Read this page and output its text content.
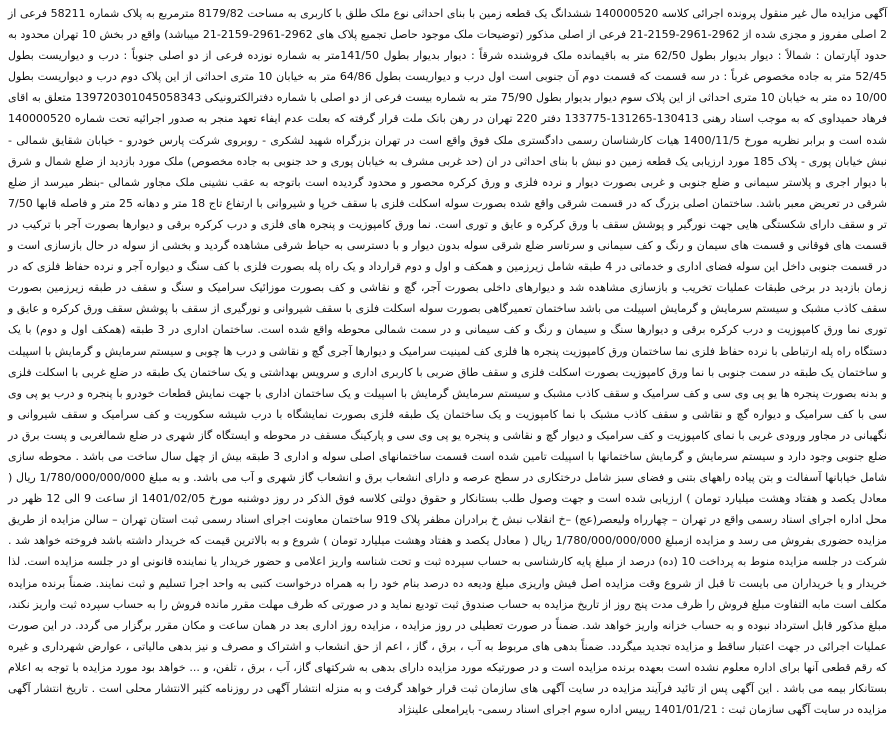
آگهی مزایده مال غیر منقول پرونده اجرائی کلاسه 140000520 ششدانگ یک قطعه زمین با بنای احداثی نوع ملک طلق با کاربری به مساحت 8179/82 مترمربع به پلاک شماره 58211 فرعی از 2 اصلی مفروز و مجزی شده از 2962-2961-2159-21 فرعی از اصلی مذکور (توضیحات ملک موجود حاصل تجمیع پلاک های 2962-2961-2159-21 میباشد) واقع در بخش 10 تهران محدود به حدود آپارتمان : شمالاً : دیوار بدیوار بطول 62/50 متر به باقیمانده ملک فروشنده شرقاً : دیوار بدیوار بطول 141/50متر به شماره نوزده فرعی از دو اصلی جنوباً : درب و دیواریست بطول 52/45 متر به جاده مخصوص غرباً : در سه قسمت که قسمت دوم آن جنوبی است اول درب و دیواریست بطول 64/86 متر به خیابان 10 متری احداثی از این پلاک دوم درب و دیواریست بطول 10/00 ده متر به خیابان 10 متری احداثی از این پلاک سوم دیوار بدیوار بطول 75/90 متر به شماره بیست فرعی از دو اصلی با شماره دفترالکترونیکی 139720301045058343 متعلق به اقای فرهاد حمیداوی که به موجب اسناد رهنی 130413-131265-133775 دفتر 220 تهران در رهن بانک ملت قرار گرفته که بعلت عدم ایفاء تعهد منجر به صدور اجرائیه تحت شماره 140000520 شده است و برابر نظریه مورخ 1400/11/5 هیات کارشناسان رسمی دادگستری ملک فوق واقع است در تهران بزرگراه شهید لشکری - روبروی شرکت پارس خودرو - خیابان شقایق شمالی - نبش خیابان پوری - پلاک 185 مورد ارزیابی یک قطعه زمین دو نبش با بنای احداثی در ان (حد غربی مشرف به خیابان پوری و حد جنوبی به جاده مخصوص) ملک مورد بازدید از ضلع شمال و شرق با دیوار اجری و پلاستر سیمانی و ضلع جنوبی و غربی بصورت دیوار و نرده فلزی و ورق کرکره محصور و محدود گردیده است باتوجه به عقب نشینی ملک مجاور شمالی -بنظر میرسد از ضلع شرقی در تعریض معبر باشد. ساختمان اصلی بزرگ که در قسمت شرقی واقع شده بصورت سوله اسکلت فلزی با سقف خرپا و شیروانی با ارتفاع تاج 18 متر و دهانه 25 متر و فاصله قابها 7/50 تر و سقف دارای شکستگی هایی جهت نورگیر و پوشش سقف با ورق کرکره و عایق و توری است. نما ورق کامپوزیت و پنجره های فلزی و درب کرکره برقی و دیوارها بصورت آجر با ترکیب در قسمت های فوقانی و قسمت های سیمان و رنگ و کف سیمانی و سرتاسر ضلع شرقی سوله بدون دیوار و با دسترسی به حیاط شرقی مشاهده گردید و بخشی از سوله در حال بازسازی است و در قسمت جنوبی داخل این سوله فضای اداری و خدماتی در 4 طبقه شامل زیرزمین و همکف و اول و دوم قرارداد و یک راه پله بصورت فلزی با کف سنگ و دیواره آجر و نرده حفاظ فلزی که در زمان بازدید در برخی طبقات عملیات تخریب و بازسازی مشاهده شد و دیوارهای داخلی بصورت آجر، گچ و نقاشی و کف بصورت موزائیک سرامیک و سنگ و سقف در طبقه زیرزمین بصورت سقف کاذب مشبک و سیستم سرمایش و گرمایش اسپیلت می باشد ساختمان تعمیرگاهی بصورت سوله اسکلت فلزی با سقف شیروانی و نورگیری از سقف با پوشش سقف ورق کرکره و عایق و توری نما ورق کامپوزیت و درب کرکره برقی و دیوارها سنگ و سیمان و رنگ و کف سیمانی و در سمت شمالی محوطه واقع شده است. ساختمان اداری در 3 طبقه (همکف اول و دوم) با یک دستگاه راه پله ارتباطی با نرده حفاظ فلزی نما ساختمان ورق کامپوزیت پنجره ها فلزی کف لمینیت سرامیک و دیوارها آجری گچ و نقاشی و درب ها چوبی و سیستم سرمایش و گرمایش با اسپیلت و ساختمان یک طبقه در سمت جنوبی با نما ورق کامپوزیت بصورت اسکلت فلزی و سقف طاق ضربی با کاربری اداری و سرویس بهداشتی و یک ساختمان یک طبقه در ضلع غربی با اسکلت فلزی و بدنه بصورت پنجره ها یو پی وی سی و کف سرامیک و سقف کاذب مشبک و سیستم سرمایش گرمایش با اسپیلت و یک ساختمان اداری با جهت نمایش قطعات خودرو با پنجره و درب یو پی وی سی با کف سرامیک و دیواره گچ و نقاشی و سقف کاذب مشبک با نما کامپوزیت و یک ساختمان یک طبقه فلزی بصورت نمایشگاه با درب شیشه سکوریت و کف سرامیک و سقف شیروانی و نگهبانی در مجاور ورودی غربی با نمای کامپوزیت و کف سرامیک و دیوار گچ و نقاشی و پنجره یو پی وی سی و پارکینگ مسقف در محوطه و ایستگاه گاز شهری در ضلع شمالغربی و پست برق در ضلع جنوبی وجود دارد و سیستم سرمایش و گرمایش ساختمانها با اسپیلت تامین شده است قسمت ساختمانهای اصلی سوله و اداری 3 طبقه بیش از چهل سال ساخت می باشد . محوطه سازی شامل خیابانها آسفالت و بتن پیاده راههای بتنی و فضای سبز شامل درختکاری در سطح عرصه و دارای انشعاب برق و انشعاب گاز شهری و آب می باشد. و به مبلغ 1/780/000/000/000 ریال ( معادل یکصد و هفتاد وهشت میلیارد تومان ) ارزیابی شده است و جهت وصول طلب بستانکار و حقوق دولتی کلاسه فوق الذکر در روز دوشنبه مورخ 1401/02/05 از ساعت 9 الی 12 ظهر در محل اداره اجرای اسناد رسمی واقع در تهران – چهارراه ولیعصر(عج) –خ انقلاب نبش خ برادران مظفر پلاک 919 ساختمان معاونت اجرای اسناد رسمی ثبت استان تهران – سالن مزایده از طریق مزایده حضوری بفروش می رسد و مزایده ازمبلغ 1/780/000/000/000 ریال ( معادل یکصد و هفتاد وهشت میلیارد تومان ) شروع و به بالاترین قیمت که خریدار داشته باشد فروخته خواهد شد . شرکت در جلسه مزایده منوط به پرداخت 10 (ده) درصد از مبلغ پایه کارشناسی به حساب سپرده ثبت و تحت شناسه واریز اعلامی و حضور خریدار یا نماینده قانونی او در جلسه مزایده است. لذا خریدار و یا خریداران می بایست تا قبل از شروع وقت مزایده اصل فیش واریزی مبلغ ودیعه ده درصد بنام خود را به همراه درخواست کتبی به واحد اجرا تسلیم و ثبت نمایند. ضمناً برنده مزایده مکلف است مابه التفاوت مبلغ فروش را ظرف مدت پنج روز از تاریخ مزایده به حساب صندوق ثبت تودیع نماید و در صورتی که ظرف مهلت مقرر مانده فروش را به حساب سپرده ثبت واریز نکند، مبلغ مذکور قابل استرداد نبوده و به حساب خزانه واریز خواهد شد. ضمناً در صورت تعطیلی در روز مزایده ، مزایده روز اداری بعد در همان ساعت و مکان مقرر برگزار می گردد. در این صورت عملیات اجرائی در جهت اعتبار ساقط و مزایده تجدید میگردد. ضمناً بدهی های مربوط به آب ، برق ، گاز ، اعم از حق انشعاب و اشتراک و مصرف و نیز بدهی مالیاتی ، عوارض شهرداری و غیره که رقم قطعی آنها برای اداره معلوم نشده است بعهده برنده مزایده است و در صورتیکه مورد مزایده دارای بدهی به شرکتهای گاز، آب ، برق ، تلفن، و ... خواهد بود مورد مزایده با توجه به اعلام بستانکار بیمه می باشد . این آگهی پس از تائید فرآیند مزایده در سایت آگهی های سازمان ثبت قرار خواهد گرفت و به منزله انتشار آگهی در روزنامه کثیر الانتشار محلی است . تاریخ انتشار آگهی مزایده در سایت آگهی سازمان ثبت : 1401/01/21 رییس اداره سوم اجرای اسناد رسمی- بایرامعلی علینژاد
